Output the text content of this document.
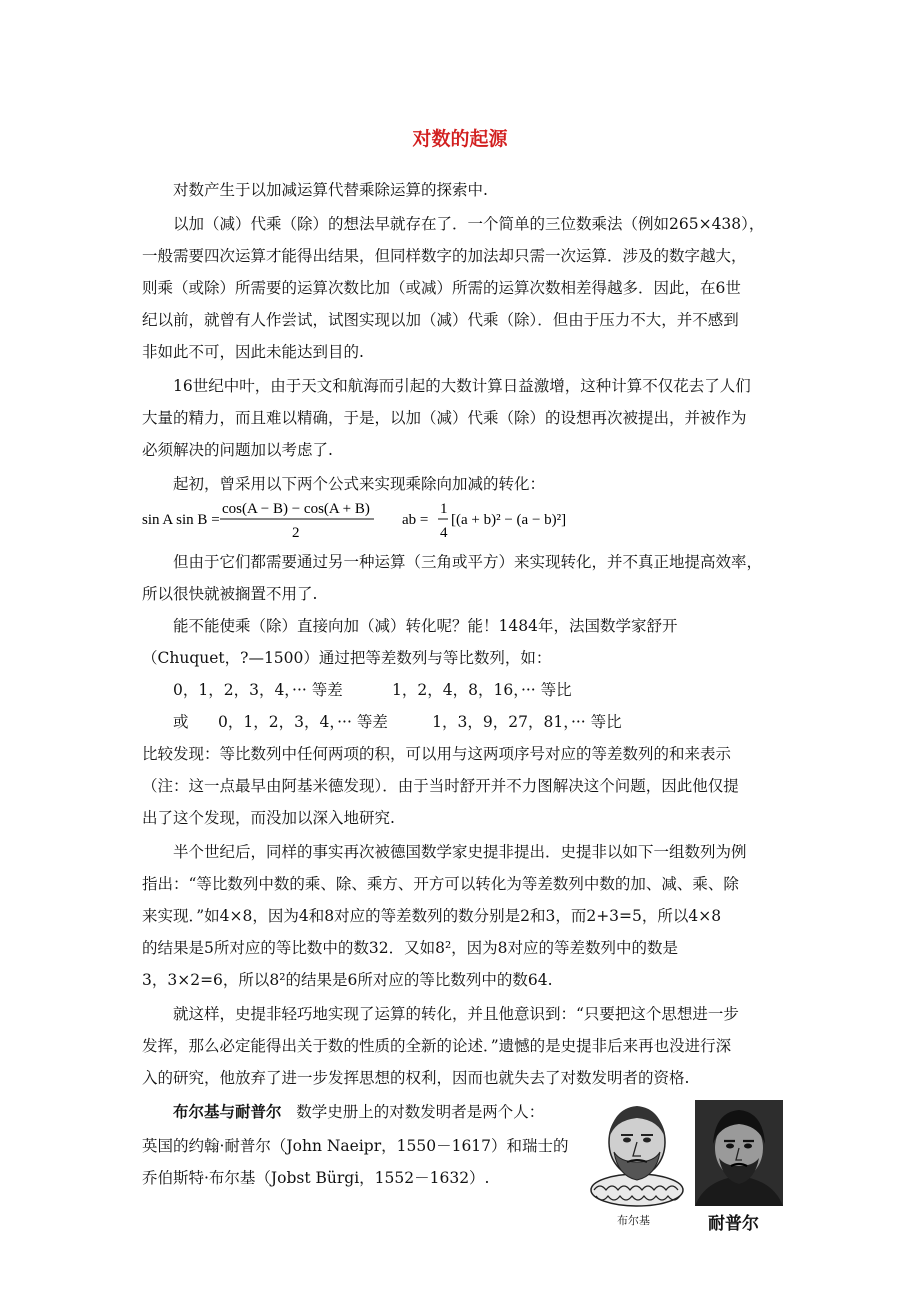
对数的起源
对数产生于以加减运算代替乘除运算的探索中.
以加（减）代乘（除）的想法早就存在了．一个简单的三位数乘法（例如265×438），
一般需要四次运算才能得出结果，但同样数字的加法却只需一次运算．涉及的数字越大，
则乘（或除）所需要的运算次数比加（或减）所需的运算次数相差得越多．因此，在6世
纪以前，就曾有人作尝试，试图实现以加（减）代乘（除）．但由于压力不大，并不感到
非如此不可，因此未能达到目的.
16世纪中叶，由于天文和航海而引起的大数计算日益激增，这种计算不仅花去了人们
大量的精力，而且难以精确，于是，以加（减）代乘（除）的设想再次被提出，并被作为
必须解决的问题加以考虑了.
起初，曾采用以下两个公式来实现乘除向加减的转化：
sin A sin B =
cos(A − B) − cos(A + B)
2
ab =
1
4
[(a + b)² − (a − b)²]
但由于它们都需要通过另一种运算（三角或平方）来实现转化，并不真正地提高效率，
所以很快就被搁置不用了.
能不能使乘（除）直接向加（减）转化呢？能！1484年，法国数学家舒开
（Chuquet，?—1500）通过把等差数列与等比数列，如：
0，1，2，3，4，··· 等差          1，2，4，8，16，··· 等比
或      0，1，2，3，4，··· 等差         1，3，9，27，81，··· 等比
比较发现：等比数列中任何两项的积，可以用与这两项序号对应的等差数列的和来表示
（注：这一点最早由阿基米德发现）．由于当时舒开并不力图解决这个问题，因此他仅提
出了这个发现，而没加以深入地研究.
半个世纪后，同样的事实再次被德国数学家史提非提出．史提非以如下一组数列为例
指出：“等比数列中数的乘、除、乘方、开方可以转化为等差数列中数的加、减、乘、除
来实现．”如4×8，因为4和8对应的等差数列的数分别是2和3，而2+3=5，所以4×8
的结果是5所对应的等比数中的数32．又如8²，因为8对应的等差数列中的数是
3，3×2=6，所以8²的结果是6所对应的等比数列中的数64.
就这样，史提非轻巧地实现了运算的转化，并且他意识到：“只要把这个思想进一步
发挥，那么必定能得出关于数的性质的全新的论述．”遗憾的是史提非后来再也没进行深
入的研究，他放弃了进一步发挥思想的权利，因而也就失去了对数发明者的资格.
布尔基与耐普尔   数学史册上的对数发明者是两个人：
英国的约翰·耐普尔（John Naeipr，1550－1617）和瑞士的
乔伯斯特·布尔基（Jobst Bürgi，1552－1632）.
布尔基	耐普尔
